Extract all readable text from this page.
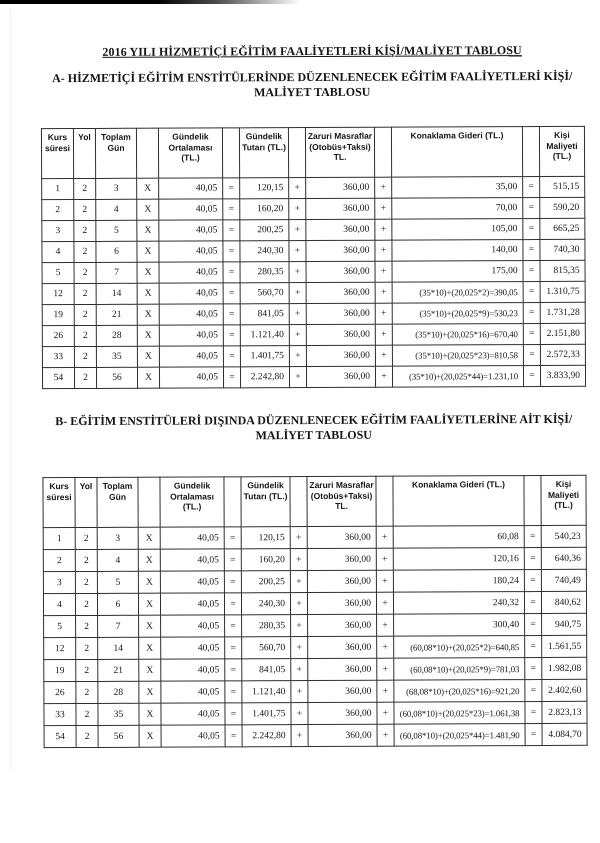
2016 YILI HİZMETİÇİ EĞİTİM FAALİYETLERİ KİŞİ/MALİYET TABLOSU
A- HİZMETİÇİ EĞİTİM ENSTİTÜLERİNDE DÜZENLENECEK EĞİTİM FAALİYETLERİ KİŞİ/ MALİYET TABLOSU
Kurs süresi	Yol	Toplam Gün		Gündelik Ortalaması (TL.)		Gündelik Tutarı (TL.)		Zaruri Masraflar (Otobüs+Taksi) TL.		Konaklama Gideri (TL.)		Kişi Maliyeti (TL.)
1	2	3	X	40,05	=	120,15	+	360,00	+	35,00	=	515,15
2	2	4	X	40,05	=	160,20	+	360,00	+	70,00	=	590,20
3	2	5	X	40,05	=	200,25	+	360,00	+	105,00	=	665,25
4	2	6	X	40,05	=	240,30	+	360,00	+	140,00	=	740,30
5	2	7	X	40,05	=	280,35	+	360,00	+	175,00	=	815,35
12	2	14	X	40,05	=	560,70	+	360,00	+	(35*10)+(20,025*2)=390,05	=	1.310,75
19	2	21	X	40,05	=	841,05	+	360,00	+	(35*10)+(20,025*9)=530,23	=	1.731,28
26	2	28	X	40,05	=	1.121,40	+	360,00	+	(35*10)+(20,025*16)=670,40	=	2.151,80
33	2	35	X	40,05	=	1.401,75	+	360,00	+	(35*10)+(20,025*23)=810,58	=	2.572,33
54	2	56	X	40,05	=	2.242,80	+	360,00	+	(35*10)+(20,025*44)=1.231,10	=	3.833,90
B- EĞİTİM ENSTİTÜLERİ DIŞINDA DÜZENLENECEK EĞİTİM FAALİYETLERİNE AİT KİŞİ/ MALİYET TABLOSU
Kurs süresi	Yol	Toplam Gün		Gündelik Ortalaması (TL.)		Gündelik Tutarı (TL.)		Zaruri Masraflar (Otobüs+Taksi) TL.		Konaklama Gideri (TL.)		Kişi Maliyeti (TL.)
1	2	3	X	40,05	=	120,15	+	360,00	+	60,08	=	540,23
2	2	4	X	40,05	=	160,20	+	360,00	+	120,16	=	640,36
3	2	5	X	40,05	=	200,25	+	360,00	+	180,24	=	740,49
4	2	6	X	40,05	=	240,30	+	360,00	+	240,32	=	840,62
5	2	7	X	40,05	=	280,35	+	360,00	+	300,40	=	940,75
12	2	14	X	40,05	=	560,70	+	360,00	+	(60,08*10)+(20,025*2)=640,85	=	1.561,55
19	2	21	X	40,05	=	841,05	+	360,00	+	(60,08*10)+(20,025*9)=781,03	=	1.982,08
26	2	28	X	40,05	=	1.121,40	+	360,00	+	(68,08*10)+(20,025*16)=921,20	=	2.402,60
33	2	35	X	40,05	=	1.401,75	+	360,00	+	(60,08*10)+(20,025*23)=1.061,38	=	2.823,13
54	2	56	X	40,05	=	2.242,80	+	360,00	+	(60,08*10)+(20,025*44)=1.481,90	=	4.084,70
